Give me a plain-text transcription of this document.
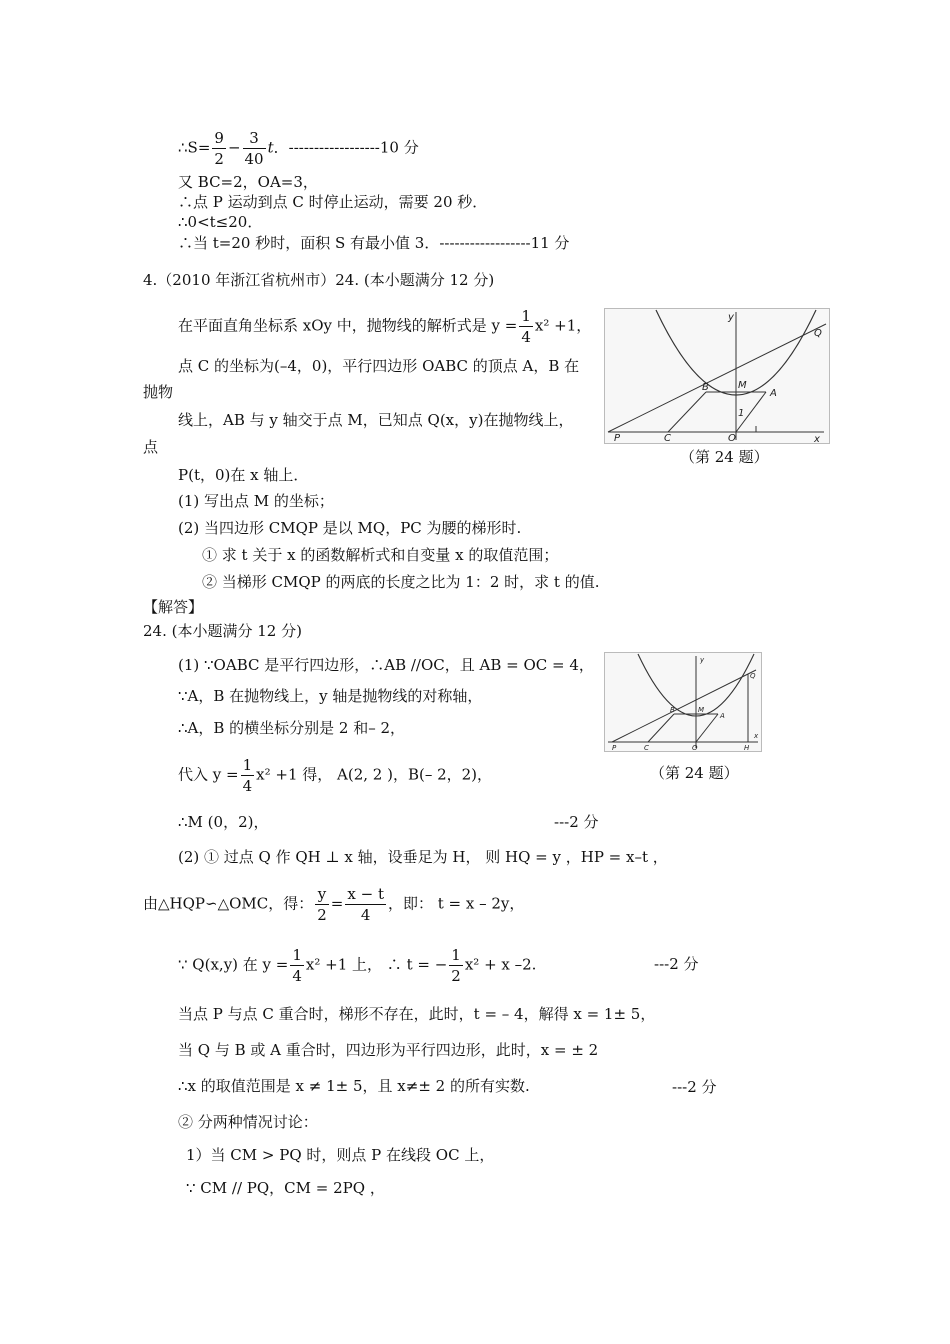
∴S= $\frac{9}{2} - \frac{3}{40}$ t．------------------10 分
又 BC=2，OA=3，
∴点 P 运动到点 C 时停止运动，需要 20 秒．
∴0<t≤20．
∴当 t=20 秒时，面积 S 有最小值 3．------------------11 分
4.（2010 年浙江省杭州市）24. (本小题满分 12 分)
在平面直角坐标系 xOy 中，抛物线的解析式是 $y = \frac{1}{4} x^2 +1$，
点 C 的坐标为(–4，0)，平行四边形 OABC 的顶点 A，B 在
抛物
线上，AB 与 y 轴交于点 M，已知点 Q(x，y)在抛物线上，
点
P(t，0)在 x 轴上．
(1) 写出点 M 的坐标；
(2) 当四边形 CMQP 是以 MQ，PC 为腰的梯形时.
① 求 t 关于 x 的函数解析式和自变量 x 的取值范围；
② 当梯形 CMQP 的两底的长度之比为 1：2 时，求 t 的值.
y
x
Q
B	M
A
P	C	O
1
（第 24 题）
【解答】
24. (本小题满分 12 分)
(1) ∵OABC 是平行四边形，∴AB //OC，且 AB = OC = 4，
∵A，B 在抛物线上，y 轴是抛物线的对称轴，
∴A，B 的横坐标分别是 2 和– 2，
代入 $y = \frac{1}{4} x^2 +1$ 得， A(2, 2 )，B(– 2，2)，
∴M (0，2)，	---2 分
(2) ① 过点 Q 作 QH ⊥ x 轴，设垂足为 H， 则 HQ = y ，HP = x–t ，
由△HQP∽△OMC，得： $\frac{y}{2} = \frac{x - t}{4}$ ，即： t = x – 2y，
∵ Q(x,y) 在 $y = \frac{1}{4} x^2 +1$ 上， ∴ t = − $\frac{1}{2} x^2 + x$ –2.	---2 分
当点 P 与点 C 重合时，梯形不存在，此时，t = – 4，解得 x = 1± 5，
当 Q 与 B 或 A 重合时，四边形为平行四边形，此时，x = ± 2
∴x 的取值范围是 x ≠ 1± 5，且 x≠± 2 的所有实数.	---2 分
② 分两种情况讨论：
1）当 CM > PQ 时，则点 P 在线段 OC 上，
∵ CM // PQ，CM = 2PQ ，
y
x
Q
B	M
A
P	C	O	H
（第 24 题）
